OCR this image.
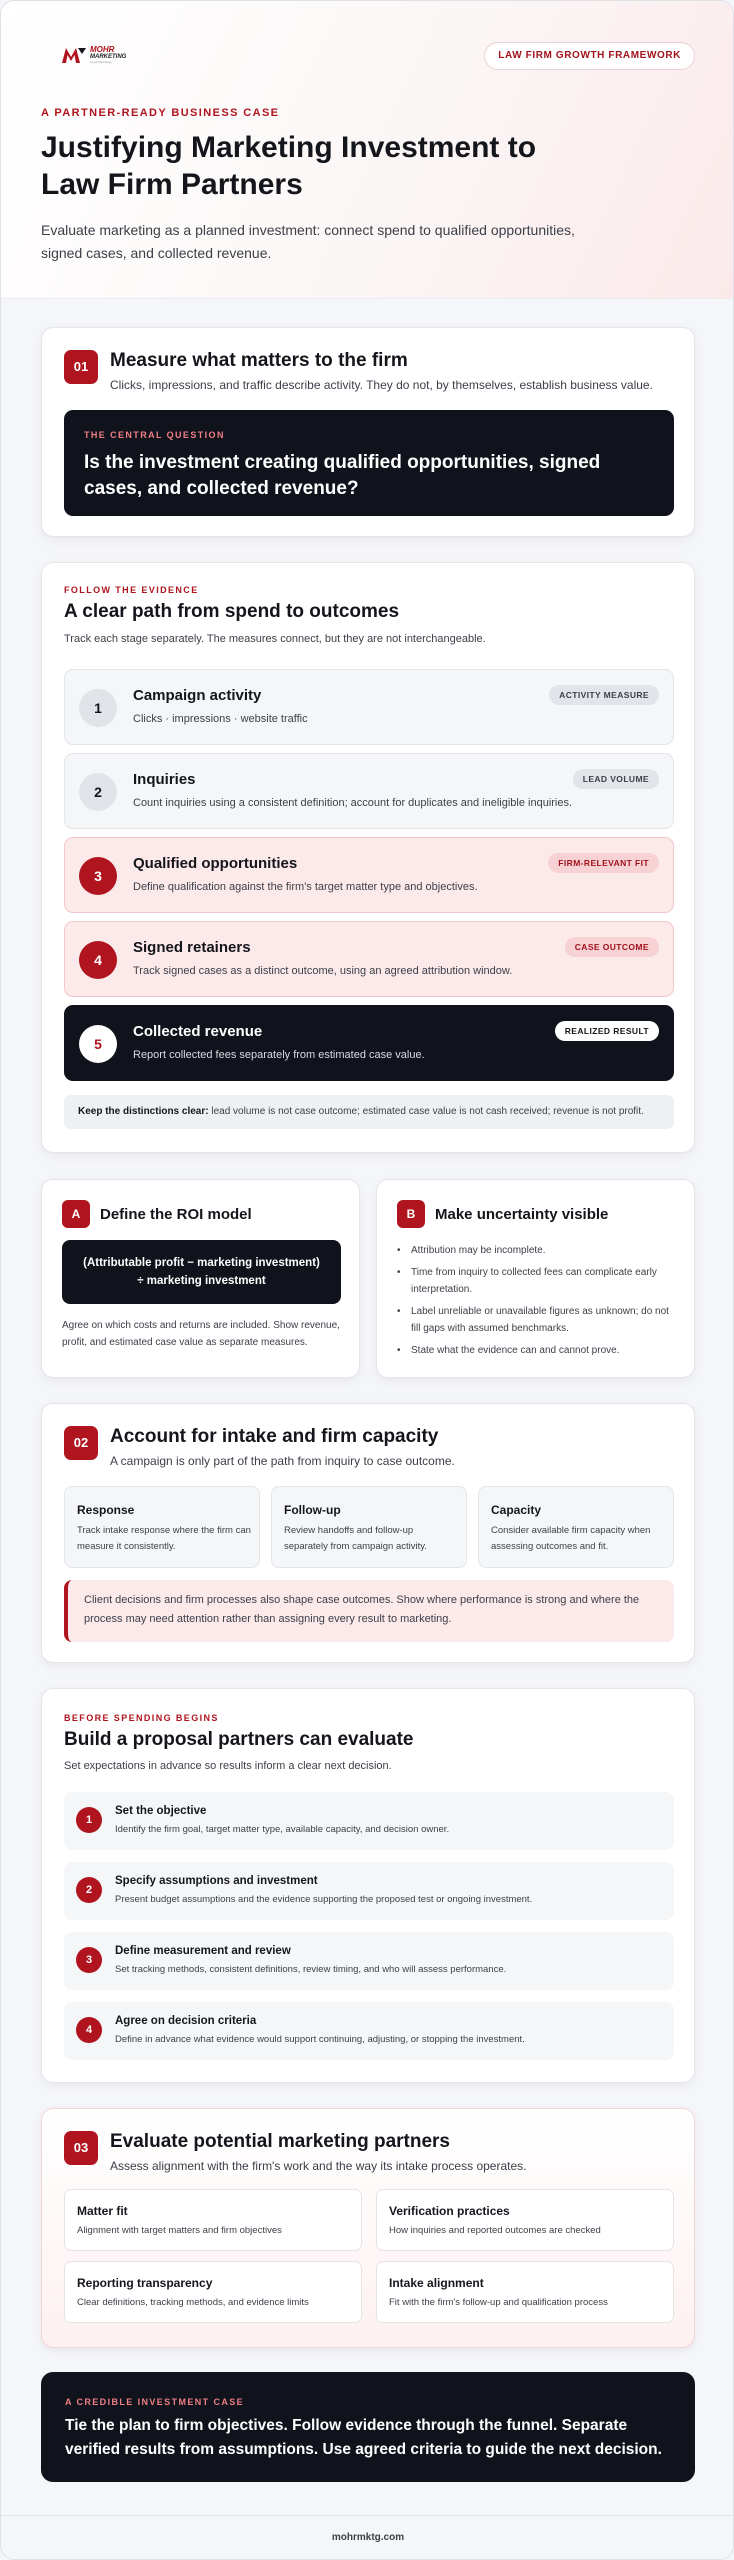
MOHR
MARKETING
Legal Marketing
LAW FIRM GROWTH FRAMEWORK
A PARTNER-READY BUSINESS CASE
Justifying Marketing Investment to Law Firm Partners

Evaluate marketing as a planned investment: connect spend to qualified opportunities, signed cases, and collected revenue.

01	Measure what matters to the firm
Clicks, impressions, and traffic describe activity. They do not, by themselves, establish business value.
THE CENTRAL QUESTION
Is the investment creating qualified opportunities, signed cases, and collected revenue?
FOLLOW THE EVIDENCE
A clear path from spend to outcomes
Track each stage separately. The measures connect, but they are not interchangeable.
1
Campaign activity
Clicks · impressions · website traffic
ACTIVITY MEASURE
2
Inquiries
Count inquiries using a consistent definition; account for duplicates and ineligible inquiries.
LEAD VOLUME
3
Qualified opportunities
Define qualification against the firm's target matter type and objectives.
FIRM-RELEVANT FIT
4
Signed retainers
Track signed cases as a distinct outcome, using an agreed attribution window.
CASE OUTCOME
5
Collected revenue
Report collected fees separately from estimated case value.
REALIZED RESULT
Keep the distinctions clear: lead volume is not case outcome; estimated case value is not cash received; revenue is not profit.
A	Define the ROI model
(Attributable profit − marketing investment) ÷ marketing investment
Agree on which costs and returns are included. Show revenue, profit, and estimated case value as separate measures.
B	Make uncertainty visible
• Attribution may be incomplete.
• Time from inquiry to collected fees can complicate early interpretation.
• Label unreliable or unavailable figures as unknown; do not fill gaps with assumed benchmarks.
• State what the evidence can and cannot prove.
02	Account for intake and firm capacity
A campaign is only part of the path from inquiry to case outcome.
Response
Track intake response where the firm can measure it consistently.
Follow-up
Review handoffs and follow-up separately from campaign activity.
Capacity
Consider available firm capacity when assessing outcomes and fit.
Client decisions and firm processes also shape case outcomes. Show where performance is strong and where the process may need attention rather than assigning every result to marketing.
BEFORE SPENDING BEGINS
Build a proposal partners can evaluate
Set expectations in advance so results inform a clear next decision.
1
Set the objective
Identify the firm goal, target matter type, available capacity, and decision owner.
2
Specify assumptions and investment
Present budget assumptions and the evidence supporting the proposed test or ongoing investment.
3
Define measurement and review
Set tracking methods, consistent definitions, review timing, and who will assess performance.
4
Agree on decision criteria
Define in advance what evidence would support continuing, adjusting, or stopping the investment.
03	Evaluate potential marketing partners
Assess alignment with the firm's work and the way its intake process operates.
Matter fit
Alignment with target matters and firm objectives
Verification practices
How inquiries and reported outcomes are checked
Reporting transparency
Clear definitions, tracking methods, and evidence limits
Intake alignment
Fit with the firm's follow-up and qualification process
A CREDIBLE INVESTMENT CASE
Tie the plan to firm objectives. Follow evidence through the funnel. Separate verified results from assumptions. Use agreed criteria to guide the next decision.
mohrmktg.com
